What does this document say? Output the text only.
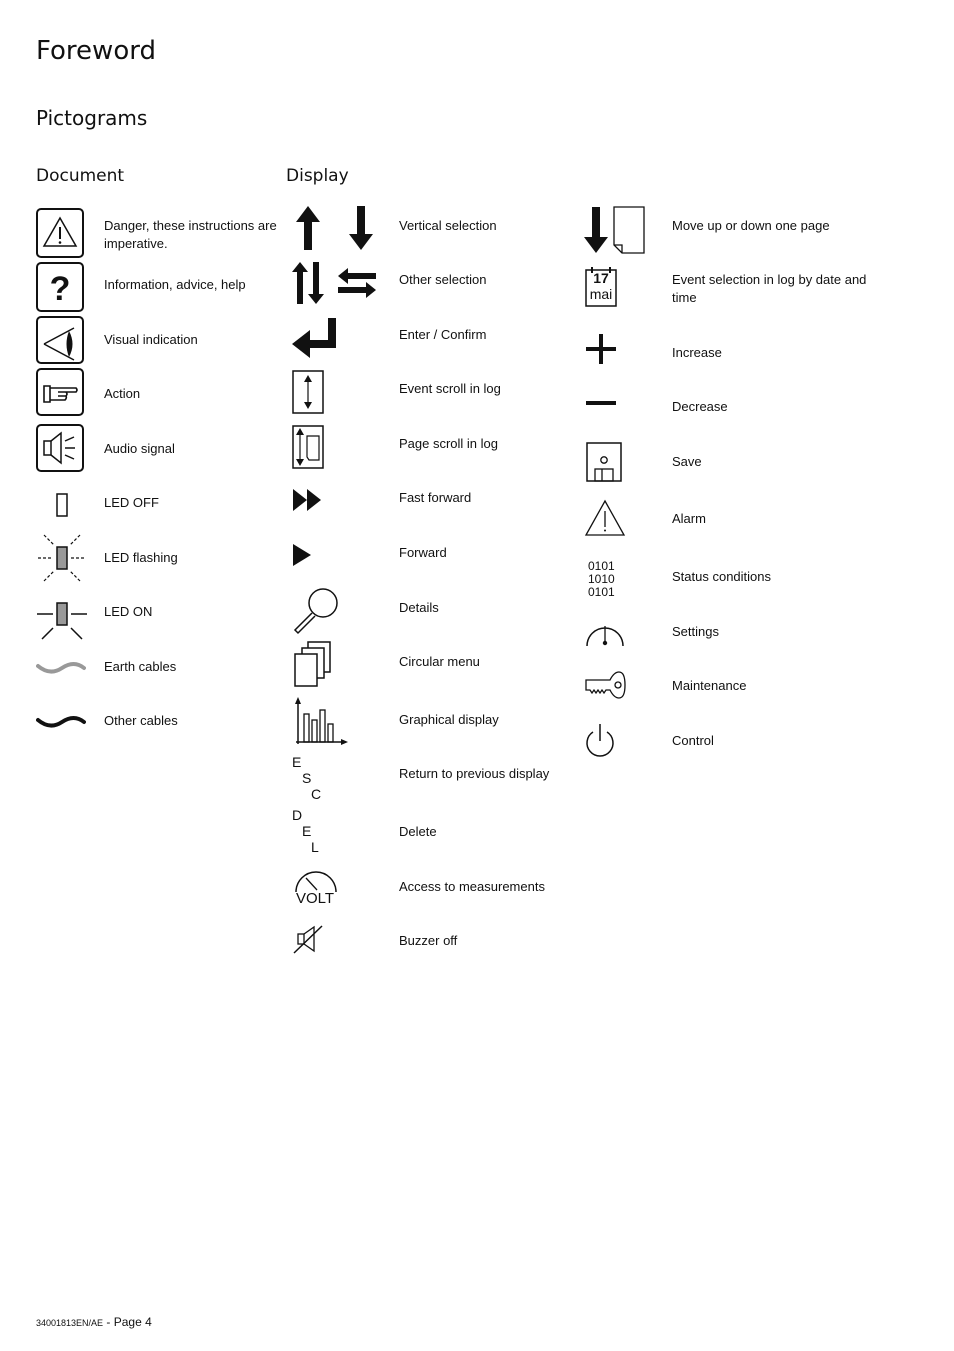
Foreword
Pictograms
Document	Display
Danger, these instructions are imperative.
?	Information, advice, help
Visual indication
Action
Audio signal
LED OFF
LED flashing
LED ON
Earth cables
Other cables
Vertical selection
Other selection
Enter / Confirm
Event scroll in log
Page scroll in log
Fast forward
Forward
Details
Circular menu
Graphical display
E
S
C
Return to previous display
D
E
L
Delete
VOLT
Access to measurements
Buzzer off
Move up or down one page
17
mai
Event selection in log by date and time
Increase
Decrease
Save
Alarm
0101
1010
0101
Status conditions
Settings
Maintenance
Control
34001813EN/AE - Page 4
